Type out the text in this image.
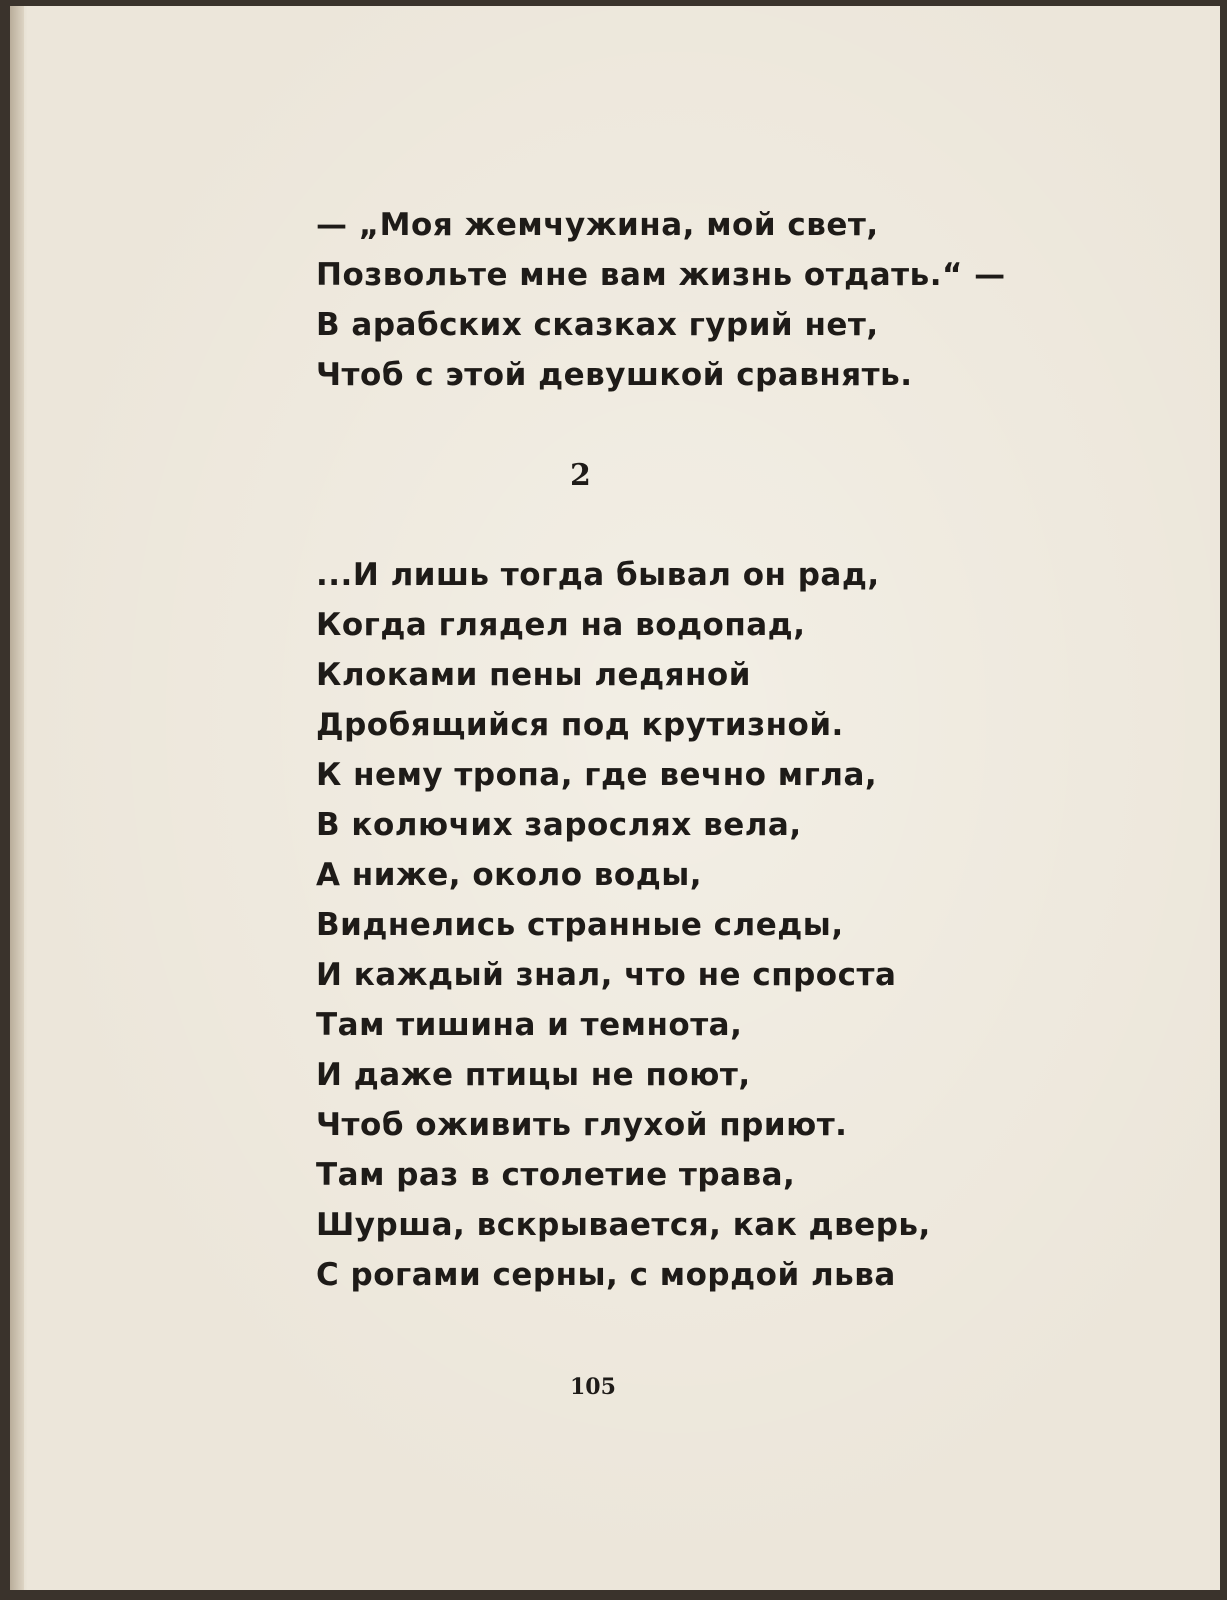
— „Моя жемчужина, мой свет,
Позвольте мне вам жизнь отдать.“ —
В арабских сказках гурий нет,
Чтоб с этой девушкой сравнять.
2
...И лишь тогда бывал он рад,
Когда глядел на водопад,
Клоками пены ледяной
Дробящийся под крутизной.
К нему тропа, где вечно мгла,
В колючих зарослях вела,
А ниже, около воды,
Виднелись странные следы,
И каждый знал, что не спроста
Там тишина и темнота,
И даже птицы не поют,
Чтоб оживить глухой приют.
Там раз в столетие трава,
Шурша, вскрывается, как дверь,
С рогами серны, с мордой льва
105
